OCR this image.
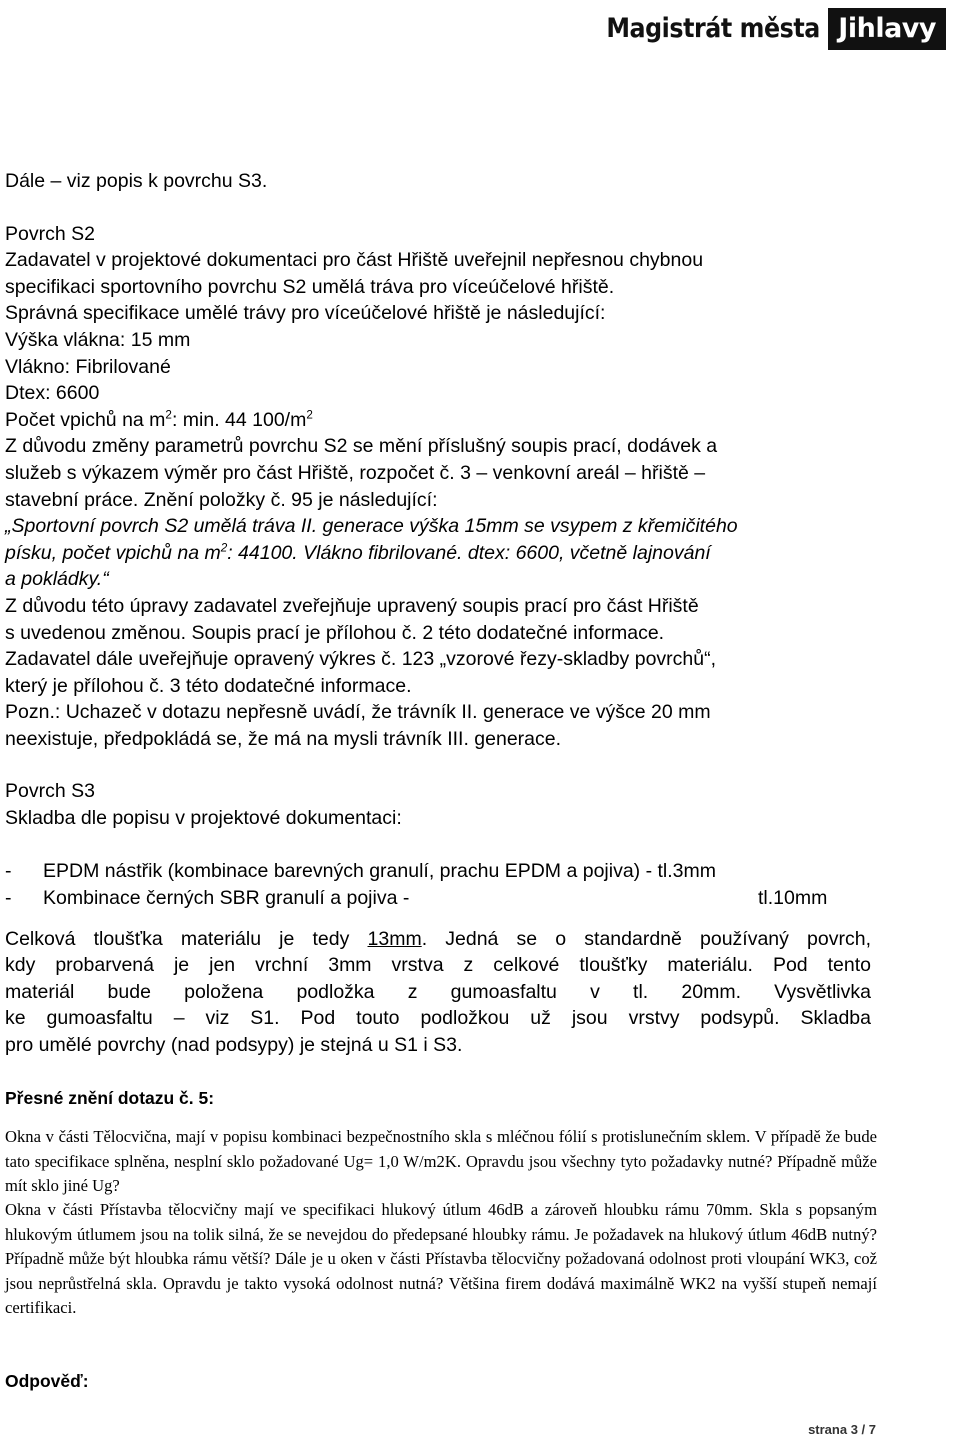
Magistrát města Jihlavy
Dále – viz popis k povrchu S3.
Povrch S2
Zadavatel v projektové dokumentaci pro část Hřiště uveřejnil nepřesnou chybnou
specifikaci sportovního povrchu S2 umělá tráva pro víceúčelové hřiště.
Správná specifikace umělé trávy pro víceúčelové hřiště je následující:
Výška vlákna: 15 mm
Vlákno: Fibrilované
Dtex: 6600
Počet vpichů na $m^2$: min. 44 $100/m^2$
Z důvodu změny parametrů povrchu S2 se mění příslušný soupis prací, dodávek a
služeb s výkazem výměr pro část Hřiště, rozpočet č. 3 – venkovní areál – hřiště –
stavební práce. Znění položky č. 95 je následující:
„Sportovní povrch S2 umělá tráva II. generace výška 15mm se vsypem z křemičitého
písku, počet vpichů na $m^2$: 44100. Vlákno fibrilované. dtex: 6600, včetně lajnování
a pokládky.“
Z důvodu této úpravy zadavatel zveřejňuje upravený soupis prací pro část Hřiště
s uvedenou změnou. Soupis prací je přílohou č. 2 této dodatečné informace.
Zadavatel dále uveřejňuje opravený výkres č. 123 „vzorové řezy-skladby povrchů“,
který je přílohou č. 3 této dodatečné informace.
Pozn.: Uchazeč v dotazu nepřesně uvádí, že trávník II. generace ve výšce 20 mm
neexistuje, předpokládá se, že má na mysli trávník III. generace.
Povrch S3
Skladba dle popisu v projektové dokumentaci:
-	EPDM nástřik (kombinace barevných granulí, prachu EPDM a pojiva) - tl.3mm
-	Kombinace černých SBR granulí a pojiva -	tl.10mm
Celková tloušťka materiálu je tedy 13mm. Jedná se o standardně používaný povrch,
kdy probarvená je jen vrchní 3mm vrstva z celkové tloušťky materiálu. Pod tento
materiál bude položena podložka z gumoasfaltu v tl. 20mm. Vysvětlivka
ke gumoasfaltu – viz S1. Pod touto podložkou už jsou vrstvy podsypů. Skladba
pro umělé povrchy (nad podsypy) je stejná u S1 i S3.
Přesné znění dotazu č. 5:

Okna v části Tělocvična, mají v popisu kombinaci bezpečnostního skla s mléčnou fólií s protislunečním sklem. V případě že bude tato specifikace splněna, nesplní sklo požadované Ug= 1,0 W/m2K. Opravdu jsou všechny tyto požadavky nutné? Případně může mít sklo jiné Ug?

Okna v části Přístavba tělocvičny mají ve specifikaci hlukový útlum 46dB a zároveň hloubku rámu 70mm. Skla s popsaným hlukovým útlumem jsou na tolik silná, že se nevejdou do předepsané hloubky rámu. Je požadavek na hlukový útlum 46dB nutný? Případně může být hloubka rámu větší? Dále je u oken v části Přístavba tělocvičny požadovaná odolnost proti vloupání WK3, což jsou neprůstřelná skla. Opravdu je takto vysoká odolnost nutná? Většina firem dodává maximálně WK2 na vyšší stupeň nemají certifikaci.

Odpověď:
strana 3 / 7
